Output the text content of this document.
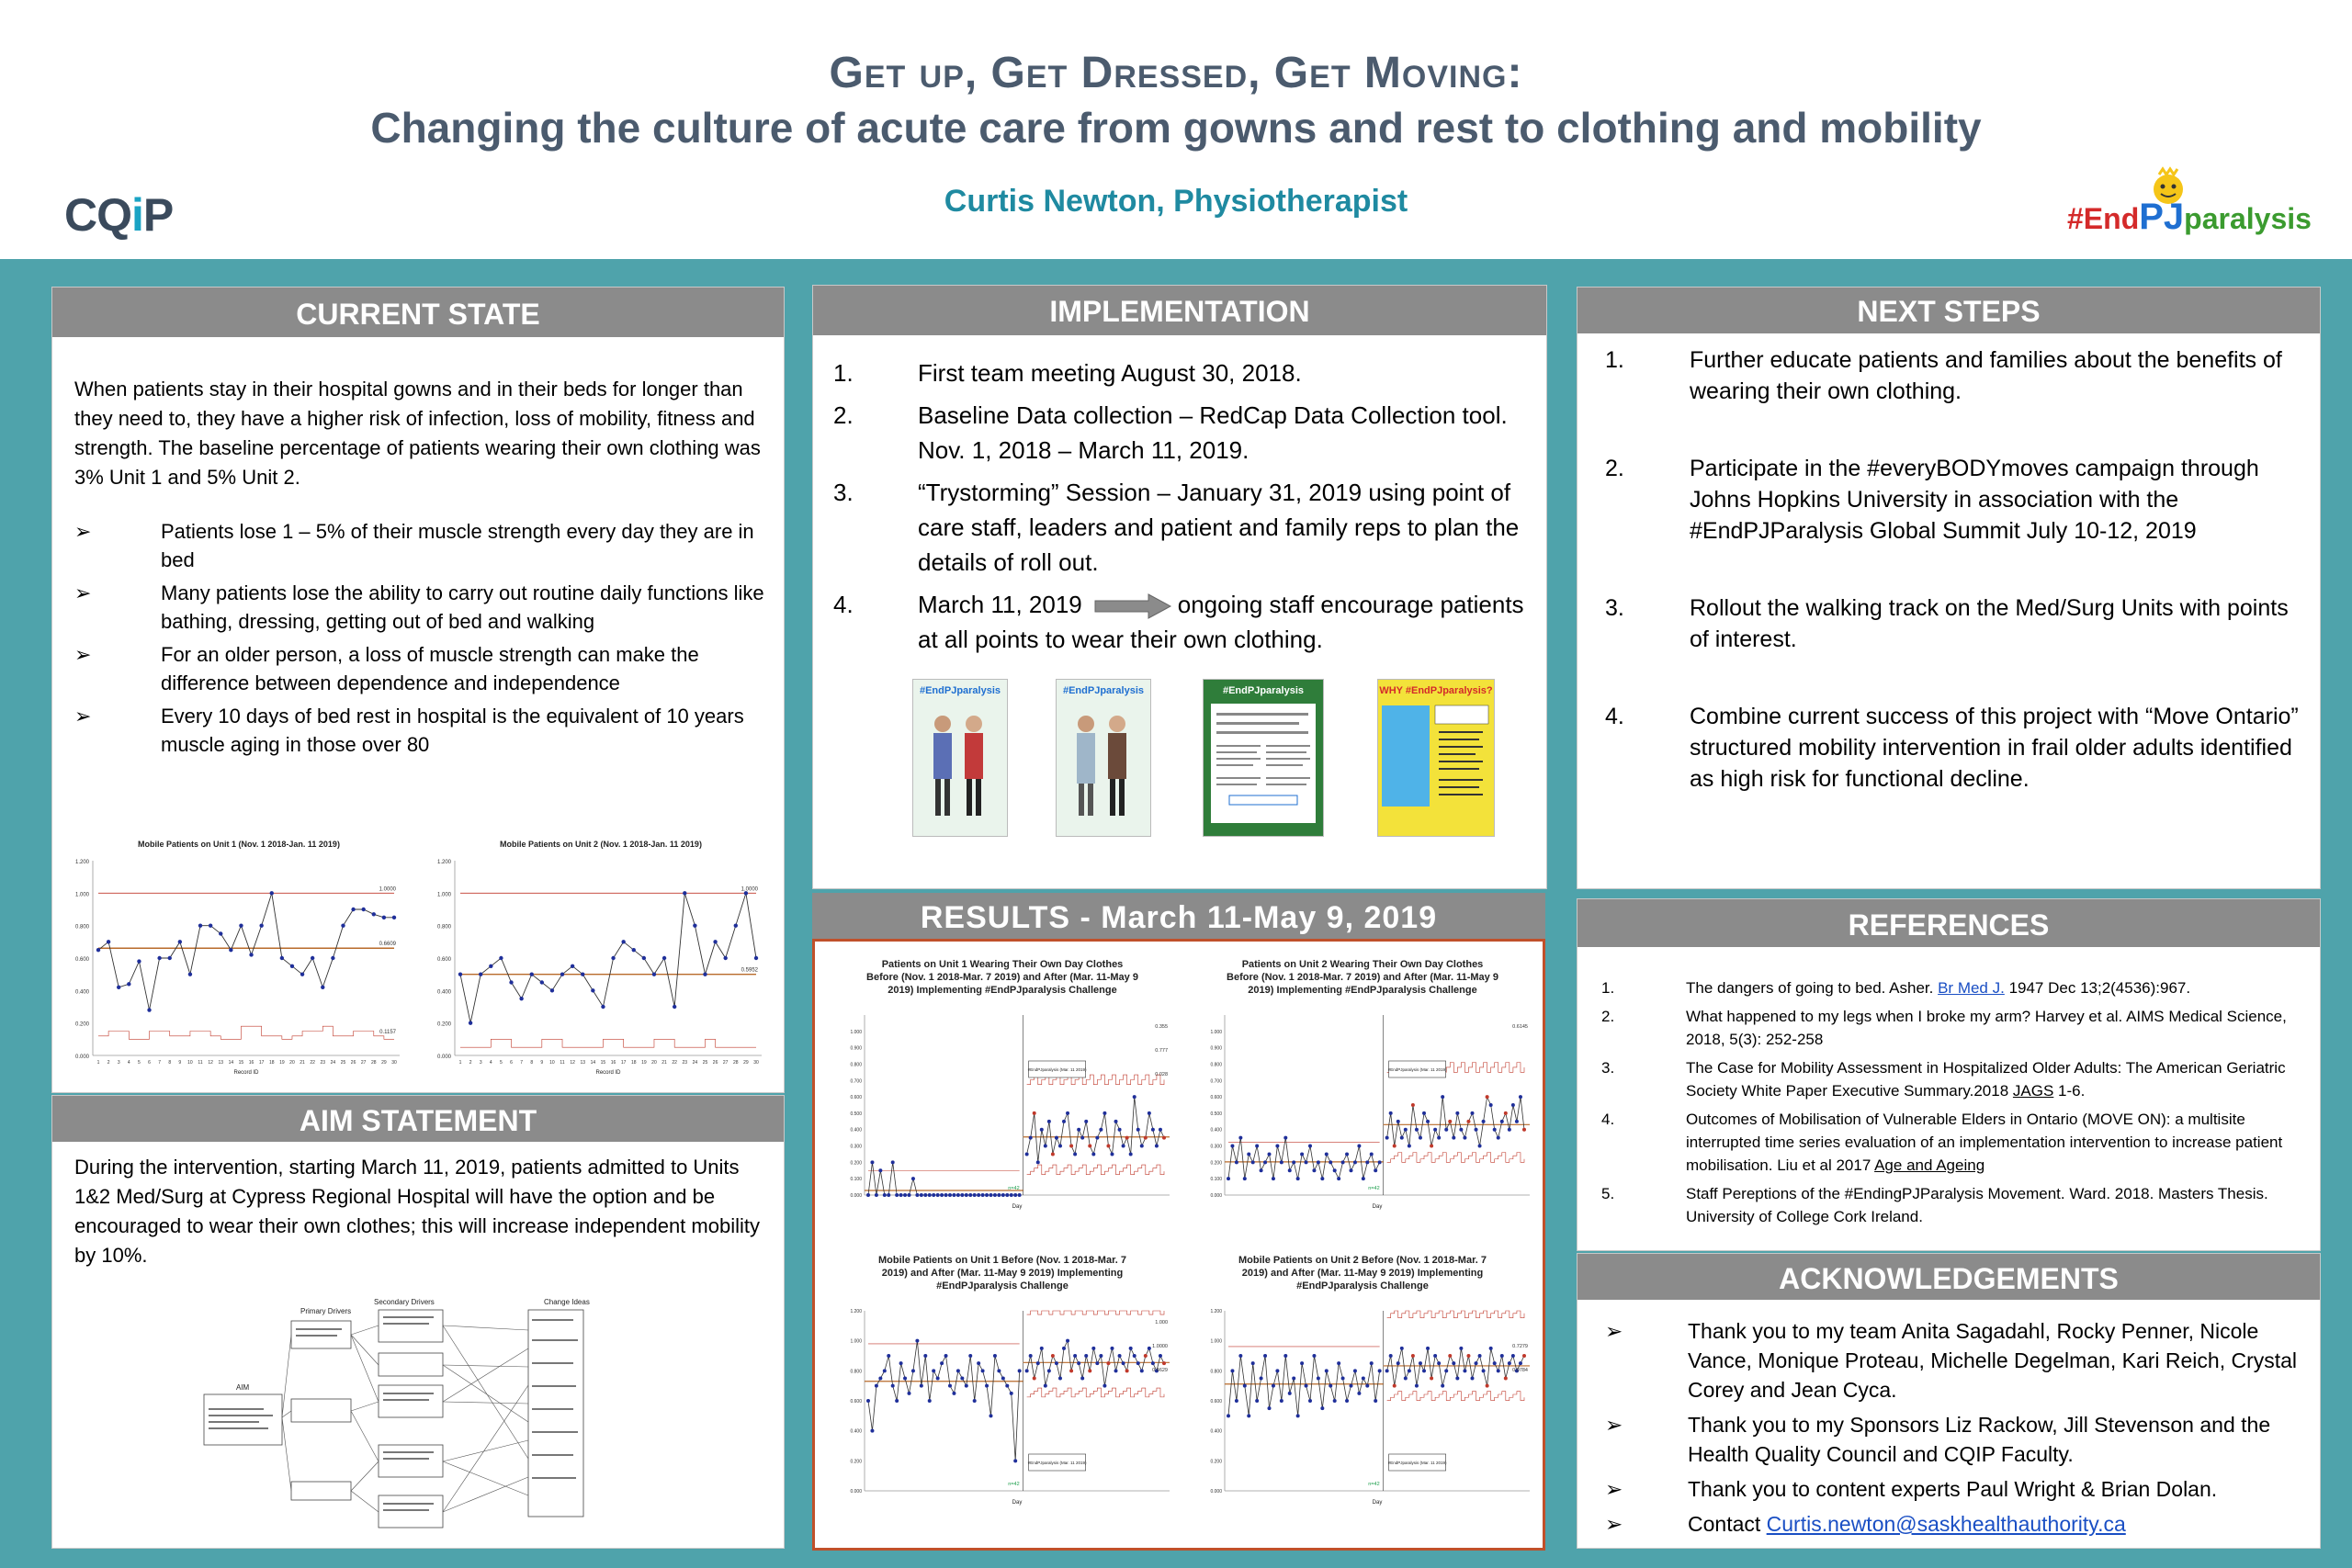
Get up, Get Dressed, Get Moving:
Changing the culture of acute care from gowns and rest to clothing and mobility
Curtis Newton, Physiotherapist
CQiP	#EndPJparalysis
CURRENT STATE
When patients stay in their hospital gowns and in their beds for longer than they need to, they have a higher risk of infection, loss of mobility, fitness and strength. The baseline percentage of patients wearing their own clothing was 3% Unit 1 and 5% Unit 2.
➢	Patients lose 1 – 5% of their muscle strength every day they are in bed
➢	Many patients lose the ability to carry out routine daily functions like bathing, dressing, getting out of bed and walking
➢	For an older person, a loss of muscle strength can make the difference between dependence and independence
➢	Every 10 days of bed rest in hospital is the equivalent of 10 years muscle aging in those over 80
Mobile Patients on Unit 1 (Nov. 1 2018-Jan. 11 2019)
0.000
0.200
0.400
0.600
0.800
1.000
1.200
1 2 3 4 5 6 7 8 9 10 11 12 13 14 15 16 17 18 19 20 21 22 23 24 25 26 27 28 29 30
Record ID
1.0000
0.6609
0.1157
Mobile Patients on Unit 2 (Nov. 1 2018-Jan. 11 2019)
0.000
0.200
0.400
0.600
0.800
1.000
1.200
1 2 3 4 5 6 7 8 9 10 11 12 13 14 15 16 17 18 19 20 21 22 23 24 25 26 27 28 29 30
Record ID
1.0000
0.5952
AIM STATEMENT
During the intervention, starting March 11, 2019, patients admitted to Units 1&2 Med/Surg at Cypress Regional Hospital will have the option and be encouraged to wear their own clothes; this will increase independent mobility by 10%.
Secondary Drivers
Primary Drivers
Change Ideas
AIM
IMPLEMENTATION
1.	First team meeting August 30, 2018.
2.	Baseline Data collection – RedCap Data Collection tool. Nov. 1, 2018 – March 11, 2019.
3.	“Trystorming” Session – January 31, 2019 using point of care staff, leaders and patient and family reps to plan the details of roll out.
4.	March 11, 2019	ongoing staff encourage patients at all points to wear their own clothing.
#EndPJparalysis	#EndPJparalysis	#EndPJparalysis	WHY #EndPJparalysis?
RESULTS - March 11-May 9, 2019
Patients on Unit 1 Wearing Their Own Day Clothes Before (Nov. 1 2018-Mar. 7 2019) and After (Mar. 11-May 9 2019) Implementing #EndPJparalysis Challenge
0.000
0.100
0.200
0.300
0.400
0.500
0.600
0.700
0.800
0.900
1.000
Day
#EndPJparalysis (Mar. 11 2019)
0.355
0.777
0.028
n=42
Patients on Unit 2 Wearing Their Own Day Clothes Before (Nov. 1 2018-Mar. 7 2019) and After (Mar. 11-May 9 2019) Implementing #EndPJparalysis Challenge
0.000
0.100
0.200
0.300
0.400
0.500
0.600
0.700
0.800
0.900
1.000
Day
#EndPJparalysis (Mar. 11 2019)
0.6145
n=42
Mobile Patients on Unit 1 Before (Nov. 1 2018-Mar. 7 2019) and After (Mar. 11-May 9 2019) Implementing #EndPJparalysis Challenge
0.000
0.200
0.400
0.600
0.800
1.000
1.200
Day
#EndPJparalysis (Mar. 11 2019)
1.000
1.0000
0.4629
n=42
Mobile Patients on Unit 2 Before (Nov. 1 2018-Mar. 7 2019) and After (Mar. 11-May 9 2019) Implementing #EndPJparalysis Challenge
0.000
0.200
0.400
0.600
0.800
1.000
1.200
Day
#EndPJparalysis (Mar. 11 2019)
n=42
0.7279
0.0784
NEXT STEPS
1.	Further educate patients and families about the benefits of wearing their own clothing.
2.	Participate in the #everyBODYmoves campaign through Johns Hopkins University in association with the #EndPJParalysis Global Summit July 10-12, 2019
3.	Rollout the walking track on the Med/Surg Units with points of interest.
4.	Combine current success of this project with “Move Ontario” structured mobility intervention in frail older adults identified as high risk for functional decline.
REFERENCES
1.	The dangers of going to bed. Asher. Br Med J. 1947 Dec 13;2(4536):967.
2.	What happened to my legs when I broke my arm? Harvey et al. AIMS Medical Science, 2018, 5(3): 252-258
3.	The Case for Mobility Assessment in Hospitalized Older Adults: The American Geriatric Society White Paper Executive Summary.2018 JAGS 1-6.
4.	Outcomes of Mobilisation of Vulnerable Elders in Ontario (MOVE ON): a multisite interrupted time series evaluation of an implementation intervention to increase patient mobilisation. Liu et al 2017 Age and Ageing
5.	Staff Pereptions of the #EndingPJParalysis Movement. Ward. 2018. Masters Thesis. University of College Cork Ireland.
ACKNOWLEDGEMENTS
➢	Thank you to my team Anita Sagadahl, Rocky Penner, Nicole Vance, Monique Proteau, Michelle Degelman, Kari Reich, Crystal Corey and Jean Cyca.
➢	Thank you to my Sponsors Liz Rackow, Jill Stevenson and the Health Quality Council and CQIP Faculty.
➢	Thank you to content experts Paul Wright & Brian Dolan.
➢	Contact Curtis.newton@saskhealthauthority.ca
